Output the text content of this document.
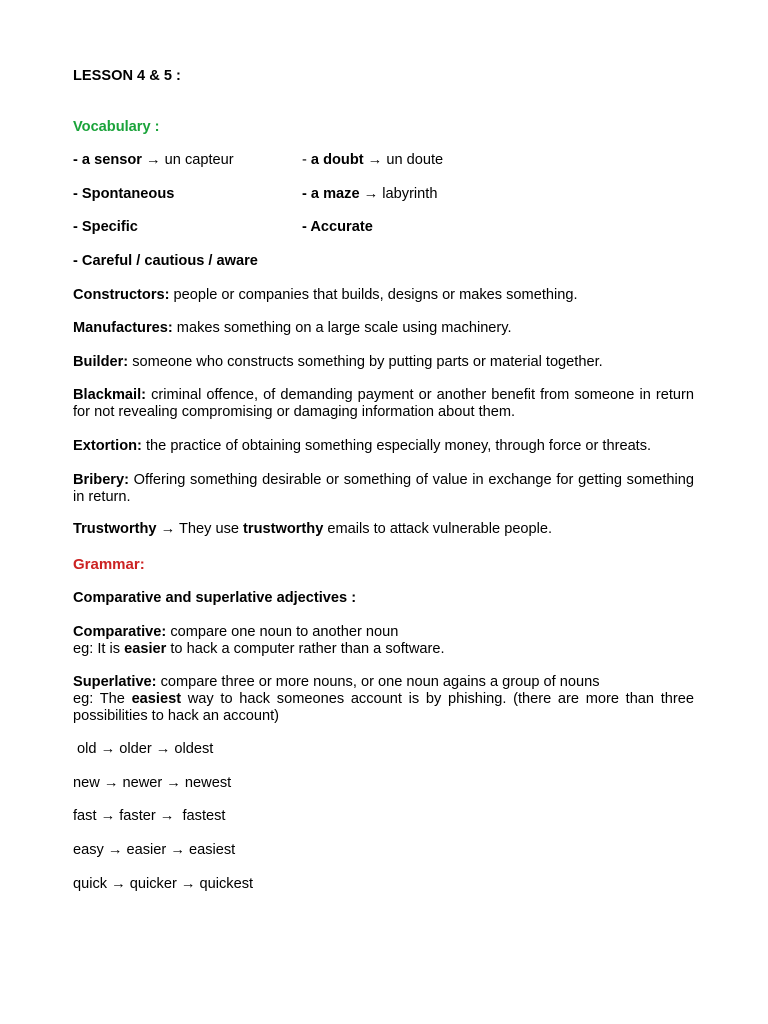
LESSON 4 & 5 :

Vocabulary :

- a sensor → un capteur	- a doubt → un doute

- Spontaneous	- a maze → labyrinth

- Specific	- Accurate

- Careful / cautious / aware

Constructors: people or companies that builds, designs or makes something.

Manufactures: makes something on a large scale using machinery.

Builder: someone who constructs something by putting parts or material together.

Blackmail: criminal offence, of demanding payment or another benefit from someone in return for not revealing compromising or damaging information about them.

Extortion: the practice of obtaining something especially money, through force or threats.

Bribery: Offering something desirable or something of value in exchange for getting something in return.

Trustworthy → They use trustworthy emails to attack vulnerable people.

Grammar:

Comparative and superlative adjectives :

Comparative: compare one noun to another noun
eg: It is easier to hack a computer rather than a software.
Superlative: compare three or more nouns, or one noun agains a group of nouns
eg: The easiest way to hack someones account is by phishing. (there are more than three possibilities to hack an account)

old → older → oldest

new → newer → newest

fast → faster →  fastest

easy → easier → easiest

quick → quicker → quickest
